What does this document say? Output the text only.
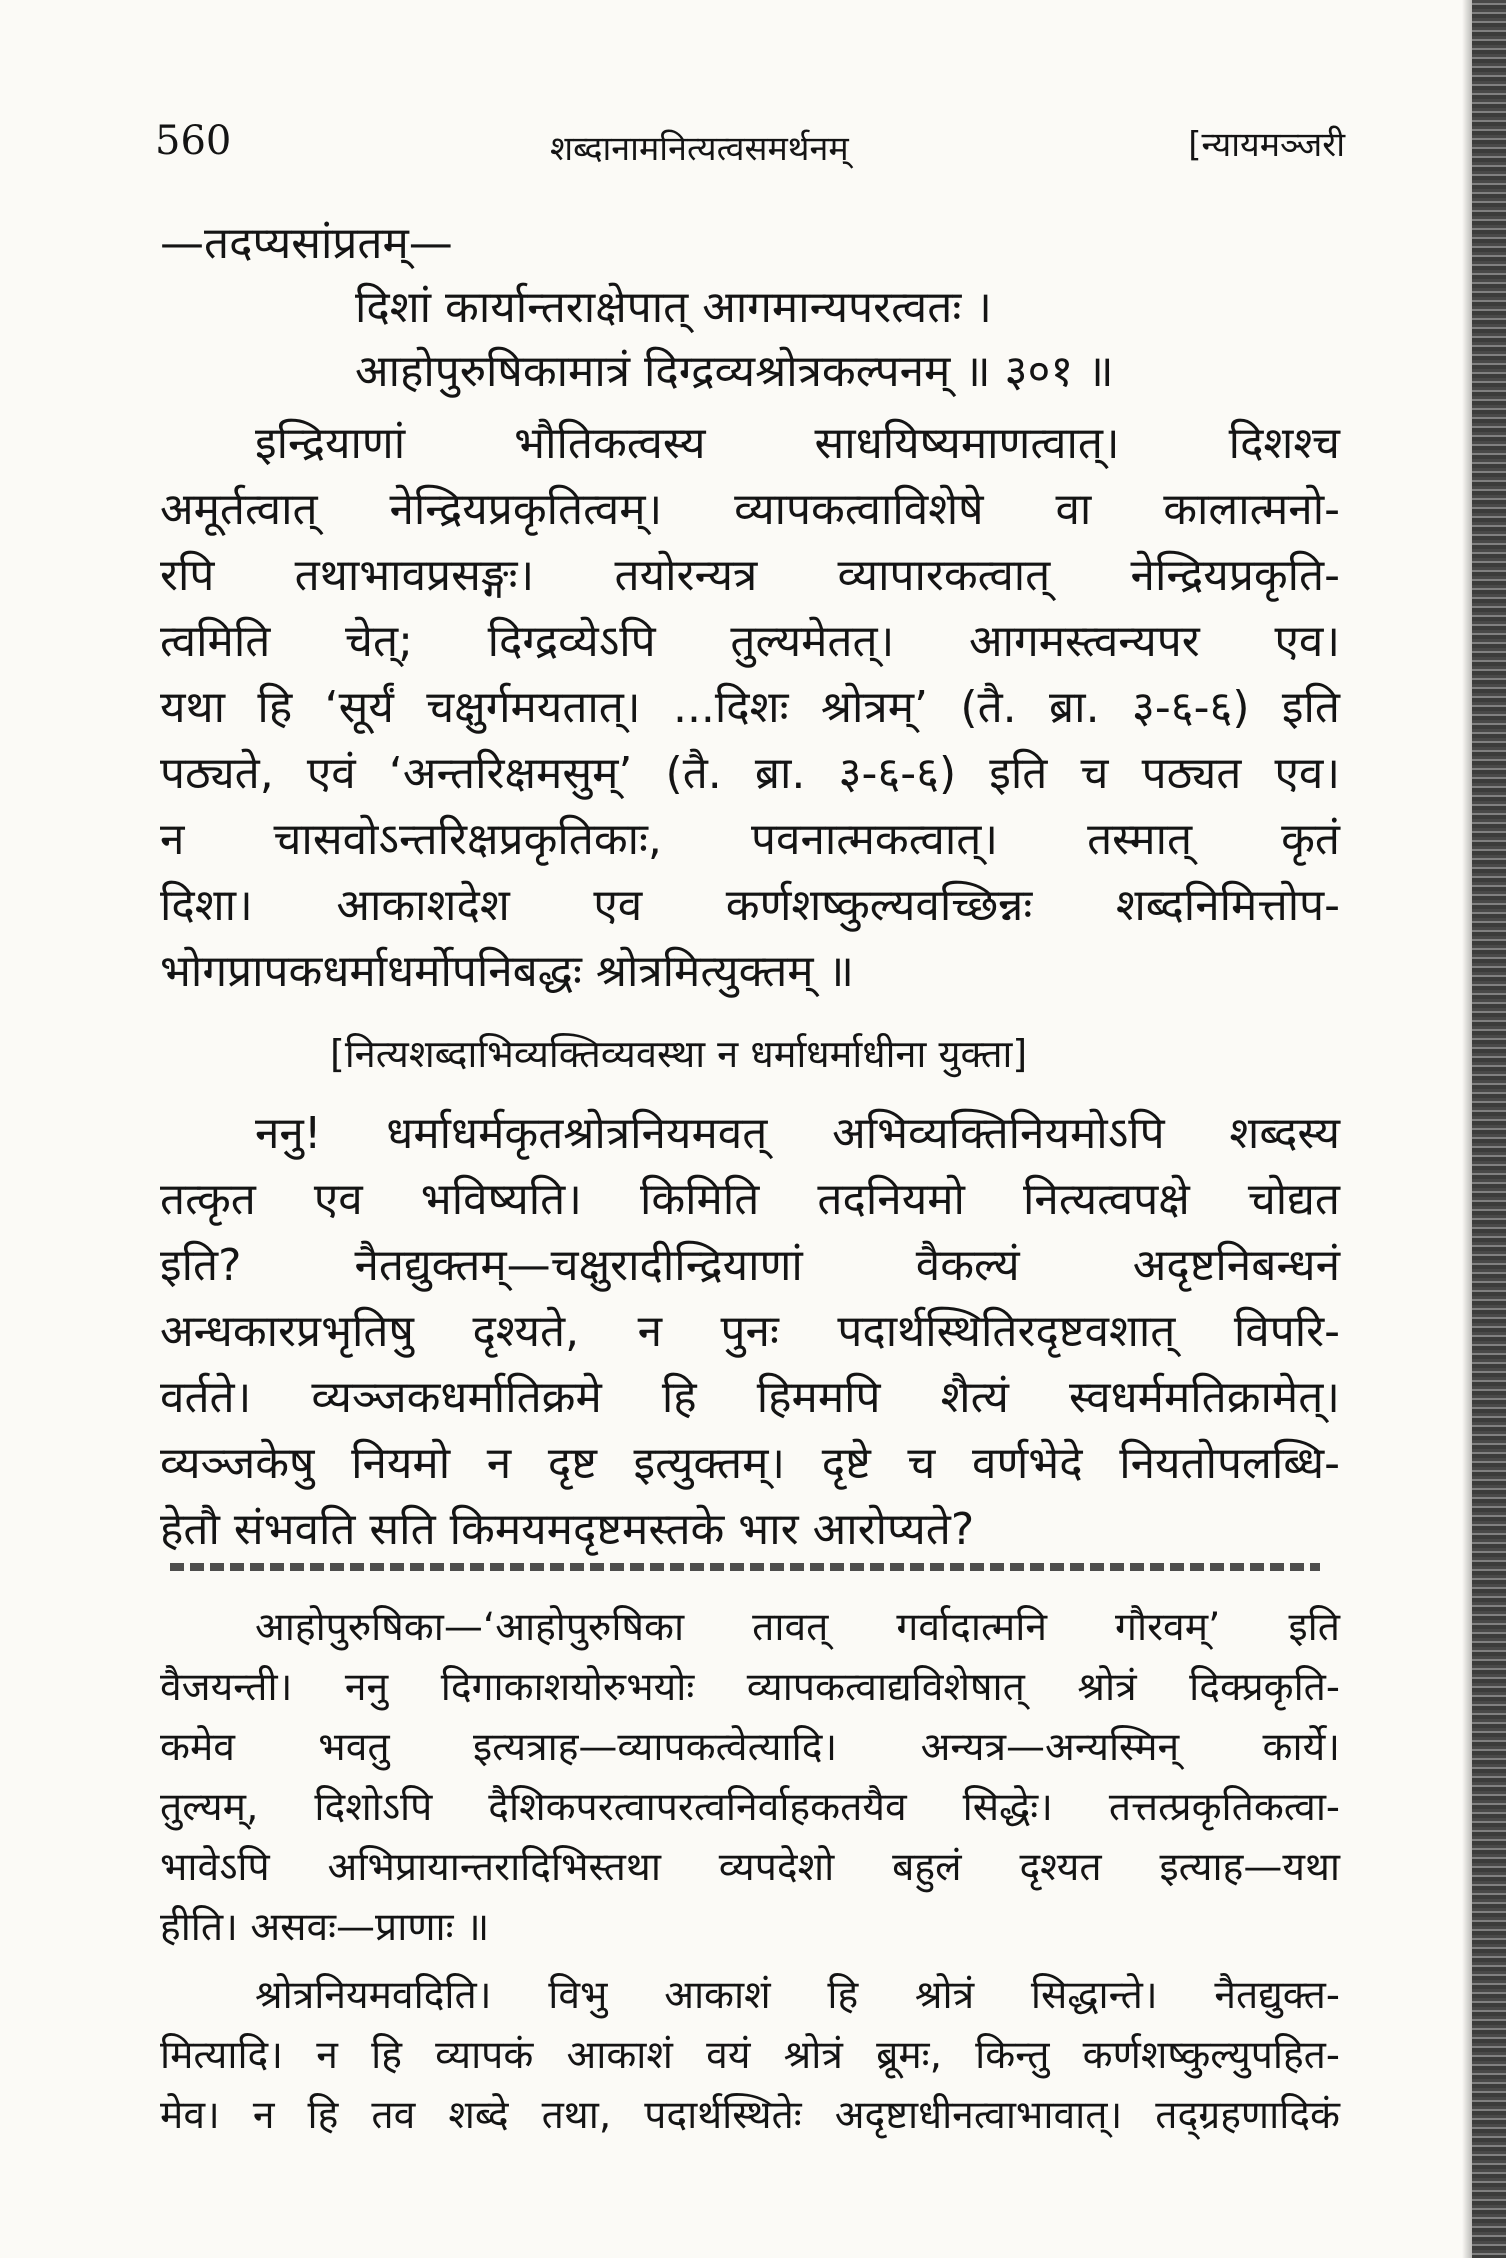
560	शब्दानामनित्यत्वसमर्थनम्	[न्यायमञ्जरी
—तदप्यसांप्रतम्—
दिशां कार्यान्तराक्षेपात् आगमान्यपरत्वतः ।
आहोपुरुषिकामात्रं दिग्द्रव्यश्रोत्रकल्पनम् ॥ ३०१ ॥
इन्द्रियाणां भौतिकत्वस्य साधयिष्यमाणत्वात्। दिशश्च
अमूर्तत्वात् नेन्द्रियप्रकृतित्वम्। व्यापकत्वाविशेषे वा कालात्मनो-
रपि तथाभावप्रसङ्गः। तयोरन्यत्र व्यापारकत्वात् नेन्द्रियप्रकृति-
त्वमिति चेत्; दिग्द्रव्येऽपि तुल्यमेतत्। आगमस्त्वन्यपर एव।
यथा हि ‘सूर्यं चक्षुर्गमयतात्। ...दिशः श्रोत्रम्’ (तै. ब्रा. ३-६-६) इति
पठ्यते, एवं ‘अन्तरिक्षमसुम्’ (तै. ब्रा. ३-६-६) इति च पठ्यत एव।
न चासवोऽन्तरिक्षप्रकृतिकाः, पवनात्मकत्वात्। तस्मात् कृतं
दिशा। आकाशदेश एव कर्णशष्कुल्यवच्छिन्नः शब्दनिमित्तोप-
भोगप्रापकधर्माधर्मोपनिबद्धः श्रोत्रमित्युक्तम् ॥
[नित्यशब्दाभिव्यक्तिव्यवस्था न धर्माधर्माधीना युक्ता]
ननु! धर्माधर्मकृतश्रोत्रनियमवत् अभिव्यक्तिनियमोऽपि शब्दस्य
तत्कृत एव भविष्यति। किमिति तदनियमो नित्यत्वपक्षे चोद्यत
इति? नैतद्युक्तम्—चक्षुरादीन्द्रियाणां वैकल्यं अदृष्टनिबन्धनं
अन्धकारप्रभृतिषु दृश्यते, न पुनः पदार्थस्थितिरदृष्टवशात् विपरि-
वर्तते। व्यञ्जकधर्मातिक्रमे हि हिममपि शैत्यं स्वधर्ममतिक्रामेत्।
व्यञ्जकेषु नियमो न दृष्ट इत्युक्तम्। दृष्टे च वर्णभेदे नियतोपलब्धि-
हेतौ संभवति सति किमयमदृष्टमस्तके भार आरोप्यते?
आहोपुरुषिका—‘आहोपुरुषिका तावत् गर्वादात्मनि गौरवम्’ इति
वैजयन्ती। ननु दिगाकाशयोरुभयोः व्यापकत्वाद्यविशेषात् श्रोत्रं दिक्प्रकृति-
कमेव भवतु इत्यत्राह—व्यापकत्वेत्यादि। अन्यत्र—अन्यस्मिन् कार्ये।
तुल्यम्, दिशोऽपि दैशिकपरत्वापरत्वनिर्वाहकतयैव सिद्धेः। तत्तत्प्रकृतिकत्वा-
भावेऽपि अभिप्रायान्तरादिभिस्तथा व्यपदेशो बहुलं दृश्यत इत्याह—यथा
हीति। असवः—प्राणाः ॥
श्रोत्रनियमवदिति। विभु आकाशं हि श्रोत्रं सिद्धान्ते। नैतद्युक्त-
मित्यादि। न हि व्यापकं आकाशं वयं श्रोत्रं ब्रूमः, किन्तु कर्णशष्कुल्युपहित-
मेव। न हि तव शब्दे तथा, पदार्थस्थितेः अदृष्टाधीनत्वाभावात्। तद्ग्रहणादिकं
